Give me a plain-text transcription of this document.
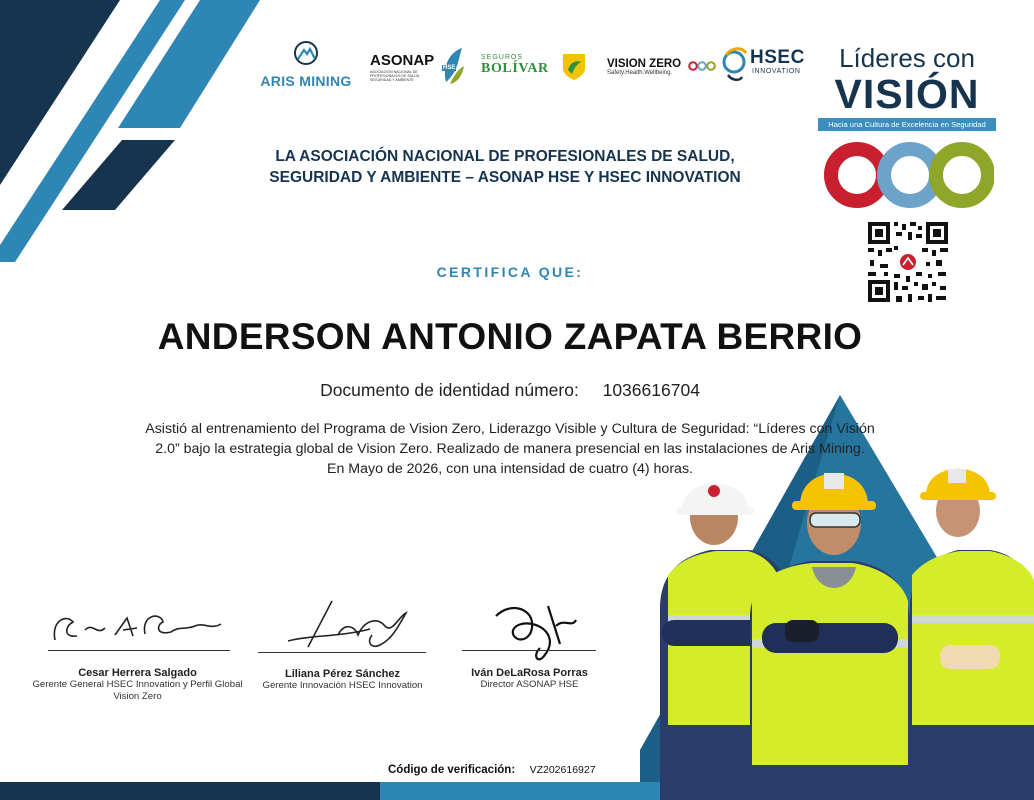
ARIS MINING
ASONAP
ASOCIACIÓN NACIONAL DE PROFESIONALES DE SALUD, SEGURIDAD Y AMBIENTE
HSE
SEGUROS
BOLÍVAR	VISION ZERO
Safety.Health.Wellbeing.
HSEC
INNOVATION	Líderes con
VISIÓN
Hacia una Cultura de Excelencia en Seguridad
LA ASOCIACIÓN NACIONAL DE PROFESIONALES DE SALUD, SEGURIDAD Y AMBIENTE – ASONAP HSE Y HSEC INNOVATION
CERTIFICA QUE:
ANDERSON ANTONIO ZAPATA BERRIO
Documento de identidad número: 1036616704
Asistió al entrenamiento del Programa de Vision Zero, Liderazgo Visible y Cultura de Seguridad: “Líderes con Visión 2.0” bajo la estrategia global de Vision Zero. Realizado de manera presencial en las instalaciones de Aris Mining. En Mayo de 2026, con una intensidad de cuatro (4) horas.
Cesar Herrera Salgado
Gerente General HSEC Innovation y Perfil Global Vision Zero
Liliana Pérez Sánchez
Gerente Innovación HSEC Innovation
Iván DeLaRosa Porras
Director ASONAP HSE
Código de verificación: VZ202616927
